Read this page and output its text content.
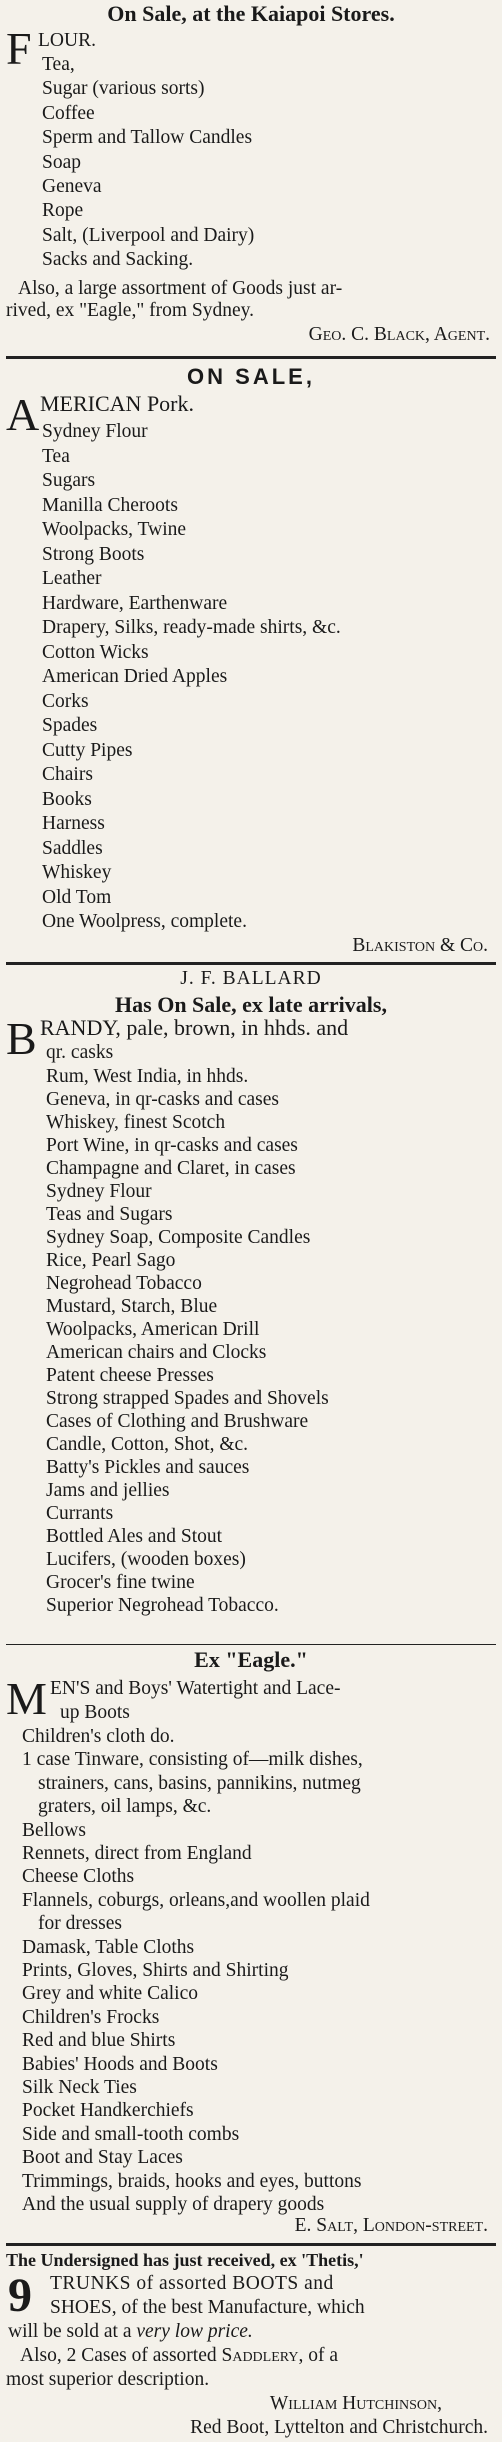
On Sale, at the Kaiapoi Stores.
F LOUR.
Tea,
Sugar (various sorts)
Coffee
Sperm and Tallow Candles
Soap
Geneva
Rope
Salt, (Liverpool and Dairy)
Sacks and Sacking.
Also, a large assortment of Goods just ar-
rived, ex "Eagle," from Sydney.
Geo. C. Black, Agent.
ON SALE,
A MERICAN Pork.
Sydney Flour
Tea
Sugars
Manilla Cheroots
Woolpacks, Twine
Strong Boots
Leather
Hardware, Earthenware
Drapery, Silks, ready-made shirts, &c.
Cotton Wicks
American Dried Apples
Corks
Spades
Cutty Pipes
Chairs
Books
Harness
Saddles
Whiskey
Old Tom
One Woolpress, complete.
Blakiston & Co.
J. F. BALLARD
Has On Sale, ex late arrivals,
B RANDY, pale, brown, in hhds. and
qr. casks
Rum, West India, in hhds.
Geneva, in qr-casks and cases
Whiskey, finest Scotch
Port Wine, in qr-casks and cases
Champagne and Claret, in cases
Sydney Flour
Teas and Sugars
Sydney Soap, Composite Candles
Rice, Pearl Sago
Negrohead Tobacco
Mustard, Starch, Blue
Woolpacks, American Drill
American chairs and Clocks
Patent cheese Presses
Strong strapped Spades and Shovels
Cases of Clothing and Brushware
Candle, Cotton, Shot, &c.
Batty's Pickles and sauces
Jams and jellies
Currants
Bottled Ales and Stout
Lucifers, (wooden boxes)
Grocer's fine twine
Superior Negrohead Tobacco.
Ex "Eagle."
M EN'S and Boys' Watertight and Lace-
up Boots
Children's cloth do.
1 case Tinware, consisting of—milk dishes,
strainers, cans, basins, pannikins, nutmeg
graters, oil lamps, &c.
Bellows
Rennets, direct from England
Cheese Cloths
Flannels, coburgs, orleans,and woollen plaid
for dresses
Damask, Table Cloths
Prints, Gloves, Shirts and Shirting
Grey and white Calico
Children's Frocks
Red and blue Shirts
Babies' Hoods and Boots
Silk Neck Ties
Pocket Handkerchiefs
Side and small-tooth combs
Boot and Stay Laces
Trimmings, braids, hooks and eyes, buttons
And the usual supply of drapery goods
E. Salt, London-street.
The Undersigned has just received, ex 'Thetis,'
9 TRUNKS of assorted BOOTS and
SHOES, of the best Manufacture, which
will be sold at a very low price.
Also, 2 Cases of assorted Saddlery, of a
most superior description.
William Hutchinson,
Red Boot, Lyttelton and Christchurch.
